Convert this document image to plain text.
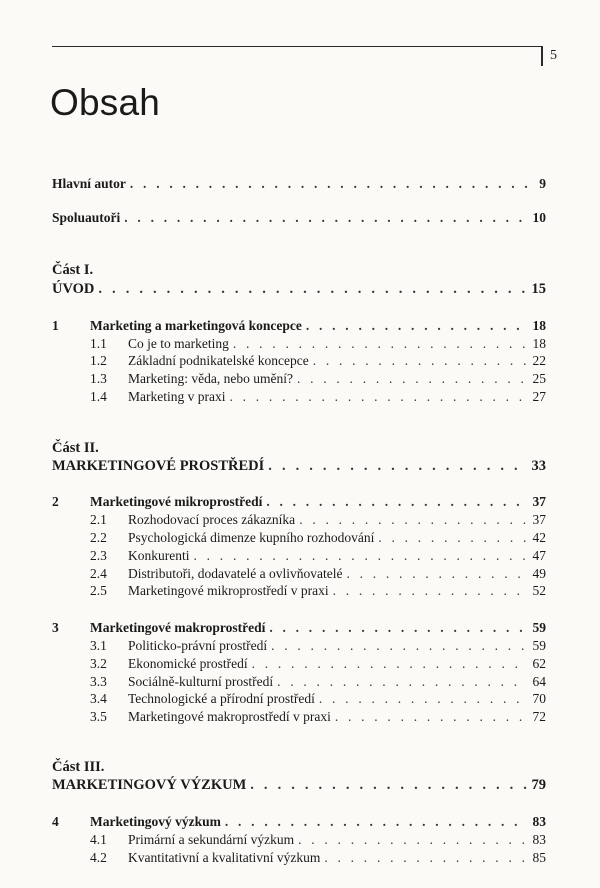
5
Obsah
Hlavní autor . . .	9
Spoluautoři . . .	10
Část I.
ÚVOD . . .	15
1	Marketing a marketingová koncepce . . .	18
1.1	Co je to marketing . . .	18
1.2	Základní podnikatelské koncepce . . .	22
1.3	Marketing: věda, nebo umění? . . .	25
1.4	Marketing v praxi . . .	27
Část II.
MARKETINGOVÉ PROSTŘEDÍ . . .	33
2	Marketingové mikroprostředí . . .	37
2.1	Rozhodovací proces zákazníka . . .	37
2.2	Psychologická dimenze kupního rozhodování . . .	42
2.3	Konkurenti . . .	47
2.4	Distributoři, dodavatelé a ovlivňovatelé . . .	49
2.5	Marketingové mikroprostředí v praxi . . .	52
3	Marketingové makroprostředí . . .	59
3.1	Politicko-právní prostředí . . .	59
3.2	Ekonomické prostředí . . .	62
3.3	Sociálně-kulturní prostředí . . .	64
3.4	Technologické a přírodní prostředí . . .	70
3.5	Marketingové makroprostředí v praxi . . .	72
Část III.
MARKETINGOVÝ VÝZKUM . . .	79
4	Marketingový výzkum . . .	83
4.1	Primární a sekundární výzkum . . .	83
4.2	Kvantitativní a kvalitativní výzkum . . .	85
